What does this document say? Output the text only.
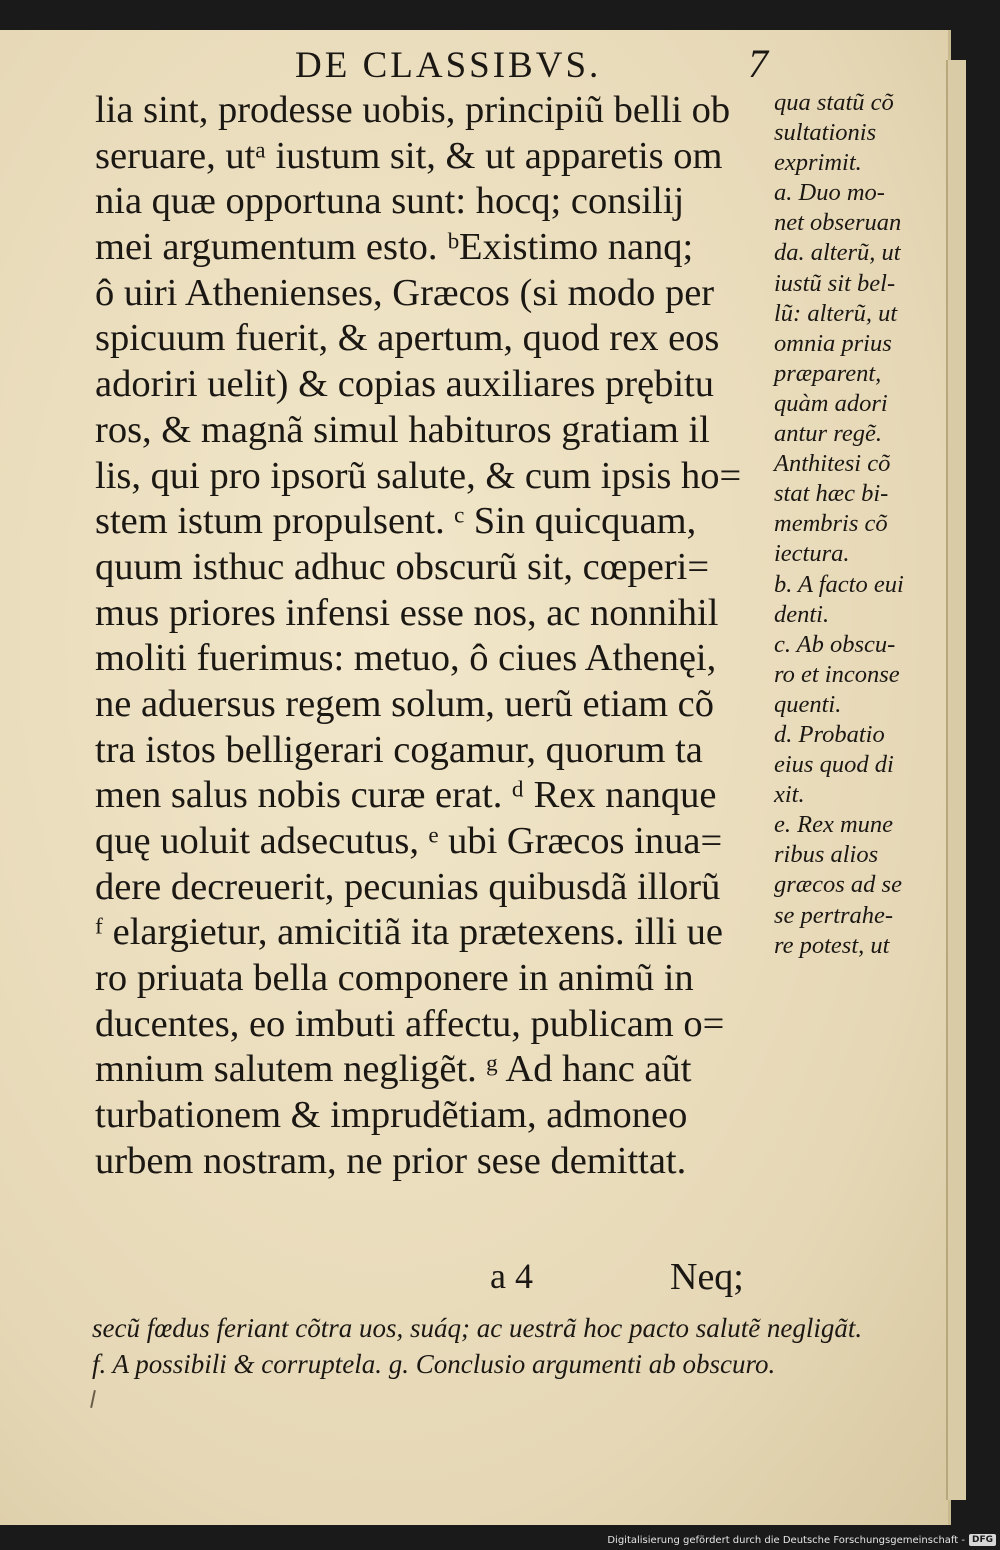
DE CLASSIBVS.	7
lia sint, prodesse uobis, principiũ belli ob
seruare, utᵃ iustum sit, & ut apparetis om
nia quæ opportuna sunt: hocq; consilij
mei argumentum esto. ᵇExistimo nanq;
ô uiri Athenienses, Græcos (si modo per
spicuum fuerit, & apertum, quod rex eos
adoriri uelit) & copias auxiliares prębitu
ros, & magnã simul habituros gratiam il
lis, qui pro ipsorũ salute, & cum ipsis ho=
stem istum propulsent. ᶜ Sin quicquam,
quum isthuc adhuc obscurũ sit, cœperi=
mus priores infensi esse nos, ac nonnihil
moliti fuerimus: metuo, ô ciues Athenęi,
ne aduersus regem solum, uerũ etiam cõ
tra istos belligerari cogamur, quorum ta
men salus nobis curæ erat. ᵈ Rex nanque
quę uoluit adsecutus, ᵉ ubi Græcos inua=
dere decreuerit, pecunias quibusdã illorũ
ᶠ elargietur, amicitiã ita prætexens. illi ue
ro priuata bella componere in animũ in
ducentes, eo imbuti affectu, publicam o=
mnium salutem negligẽt. ᵍ Ad hanc aũt
turbationem & imprudẽtiam, admoneo
urbem nostram, ne prior sese demittat.
qua statũ cõ
sultationis
exprimit.
a. Duo mo-
net obseruan
da. alterũ, ut
iustũ sit bel-
lũ: alterũ, ut
omnia prius
præparent,
quàm adori
antur regẽ.
Anthitesi cõ
stat hæc bi-
membris cõ
iectura.
b. A facto eui
denti.
c. Ab obscu-
ro et inconse
quenti.
d. Probatio
eius quod di
xit.
e. Rex mune
ribus alios
græcos ad se
se pertrahe-
re potest, ut
a 4	Neq;
secũ fœdus feriant cõtra uos, suáq; ac uestrã hoc pacto salutẽ negligãt.
f. A possibili & corruptela. g. Conclusio argumenti ab obscuro.
Digitalisierung gefördert durch die Deutsche Forschungsgemeinschaft - DFG
